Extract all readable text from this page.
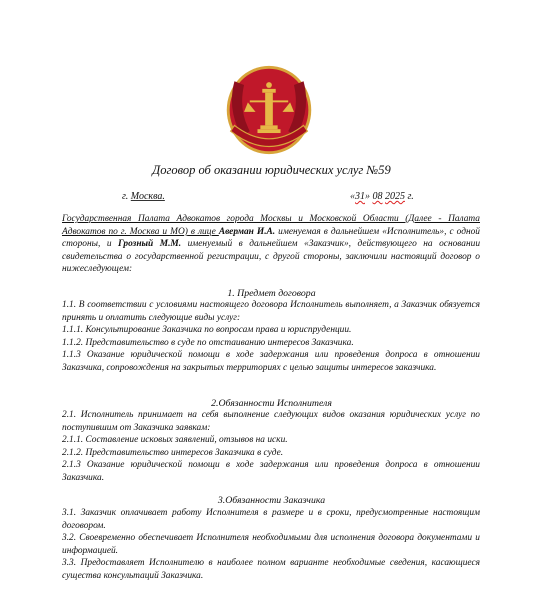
Договор об оказании юридических услуг №59
г. Москва.	«31» 08 2025 г.
Государственная Палата Адвокатов города Москвы и Московской Области (Далее - Палата Адвокатов по г. Москва и МО) в лице Аверман И.А. именуемая в дальнейшем «Исполнитель», с одной стороны, и Грозный М.М. именуемый в дальнейшем «Заказчик», действующего на основании свидетельства о государственной регистрации, с другой стороны, заключили настоящий договор о нижеследующем:
1. Предмет договора

1.1. В соответствии с условиями настоящего договора Исполнитель выполняет, а Заказчик обязуется принять и оплатить следующие виды услуг:

1.1.1. Консультирование Заказчика по вопросам права и юриспруденции.

1.1.2. Представительство в суде по отстаиванию интересов Заказчика.

1.1.3 Оказание юридической помощи в ходе задержания или проведения допроса в отношении Заказчика, сопровождения на закрытых территориях с целью защиты интересов заказчика.

2.Обязанности Исполнителя

2.1. Исполнитель принимает на себя выполнение следующих видов оказания юридических услуг по поступившим от Заказчика заявкам:

2.1.1. Составление исковых заявлений, отзывов на иски.

2.1.2. Представительство интересов Заказчика в суде.

2.1.3 Оказание юридической помощи в ходе задержания или проведения допроса в отношении Заказчика.

3.Обязанности Заказчика

3.1. Заказчик оплачивает работу Исполнителя в размере и в сроки, предусмотренные настоящим договором.

3.2. Своевременно обеспечивает Исполнителя необходимыми для исполнения договора документами и информацией.

3.3. Предоставляет Исполнителю в наиболее полном варианте необходимые сведения, касающиеся существа консультаций Заказчика.
